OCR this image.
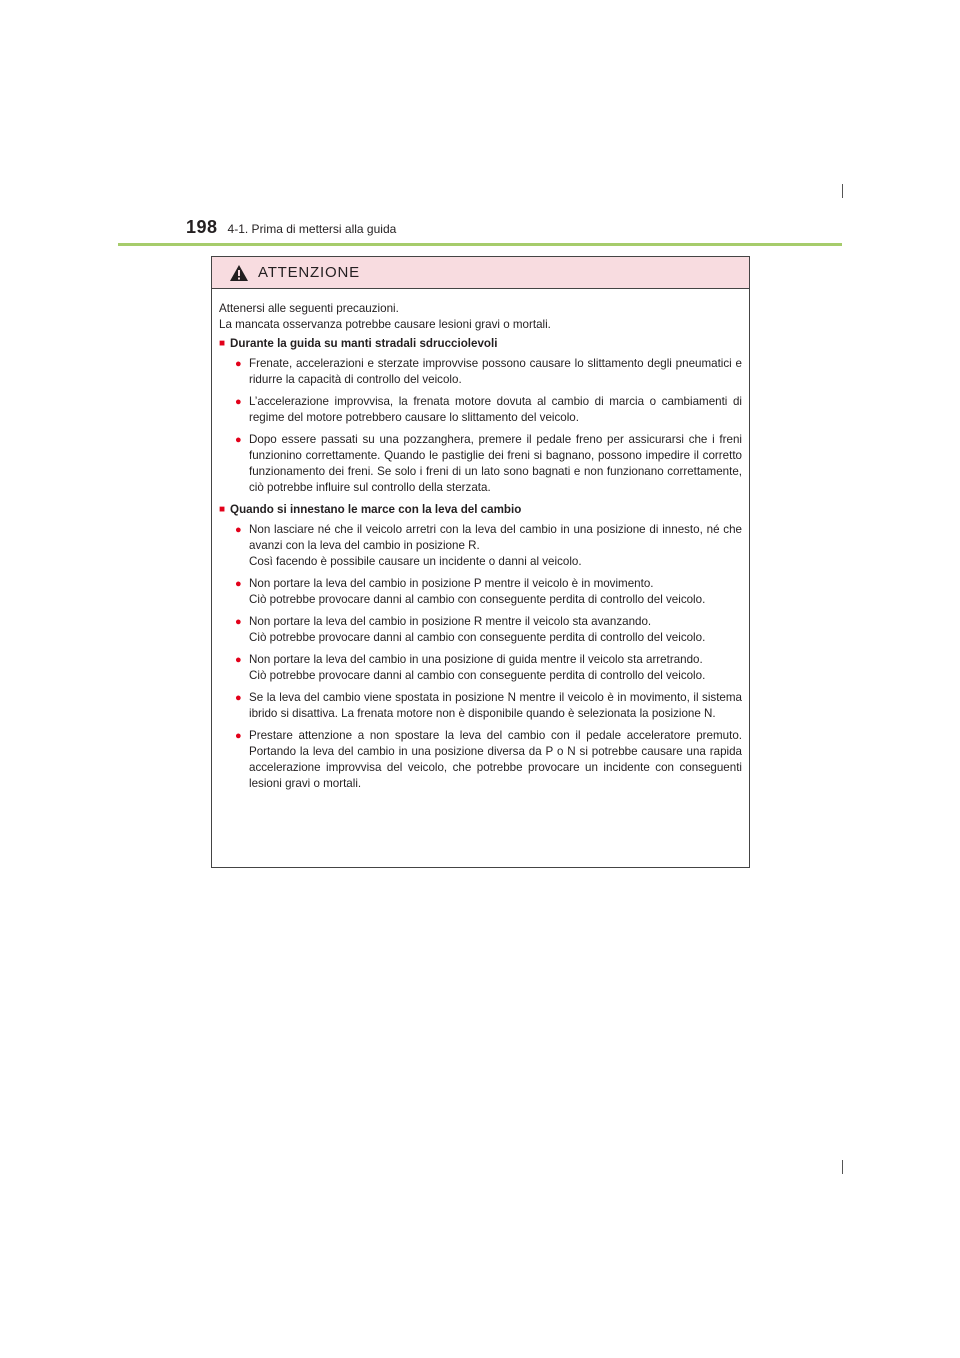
198 4-1. Prima di mettersi alla guida
ATTENZIONE

Attenersi alle seguenti precauzioni.

La mancata osservanza potrebbe causare lesioni gravi o mortali.

■ Durante la guida su manti stradali sdrucciolevoli
● Frenate, accelerazioni e sterzate improvvise possono causare lo slittamento degli pneumatici e ridurre la capacità di controllo del veicolo.
● L’accelerazione improvvisa, la frenata motore dovuta al cambio di marcia o cambiamenti di regime del motore potrebbero causare lo slittamento del veicolo.
● Dopo essere passati su una pozzanghera, premere il pedale freno per assicurarsi che i freni funzionino correttamente. Quando le pastiglie dei freni si bagnano, possono impedire il corretto funzionamento dei freni. Se solo i freni di un lato sono bagnati e non funzionano correttamente, ciò potrebbe influire sul controllo della sterzata.
■ Quando si innestano le marce con la leva del cambio
● Non lasciare né che il veicolo arretri con la leva del cambio in una posizione di innesto, né che avanzi con la leva del cambio in posizione R.
Così facendo è possibile causare un incidente o danni al veicolo.
● Non portare la leva del cambio in posizione P mentre il veicolo è in movimento.
Ciò potrebbe provocare danni al cambio con conseguente perdita di controllo del veicolo.
● Non portare la leva del cambio in posizione R mentre il veicolo sta avanzando.
Ciò potrebbe provocare danni al cambio con conseguente perdita di controllo del veicolo.
● Non portare la leva del cambio in una posizione di guida mentre il veicolo sta arretrando.
Ciò potrebbe provocare danni al cambio con conseguente perdita di controllo del veicolo.
● Se la leva del cambio viene spostata in posizione N mentre il veicolo è in movimento, il sistema ibrido si disattiva. La frenata motore non è disponibile quando è selezionata la posizione N.
● Prestare attenzione a non spostare la leva del cambio con il pedale acceleratore premuto. Portando la leva del cambio in una posizione diversa da P o N si potrebbe causare una rapida accelerazione improvvisa del veicolo, che potrebbe provocare un incidente con conseguenti lesioni gravi o mortali.
